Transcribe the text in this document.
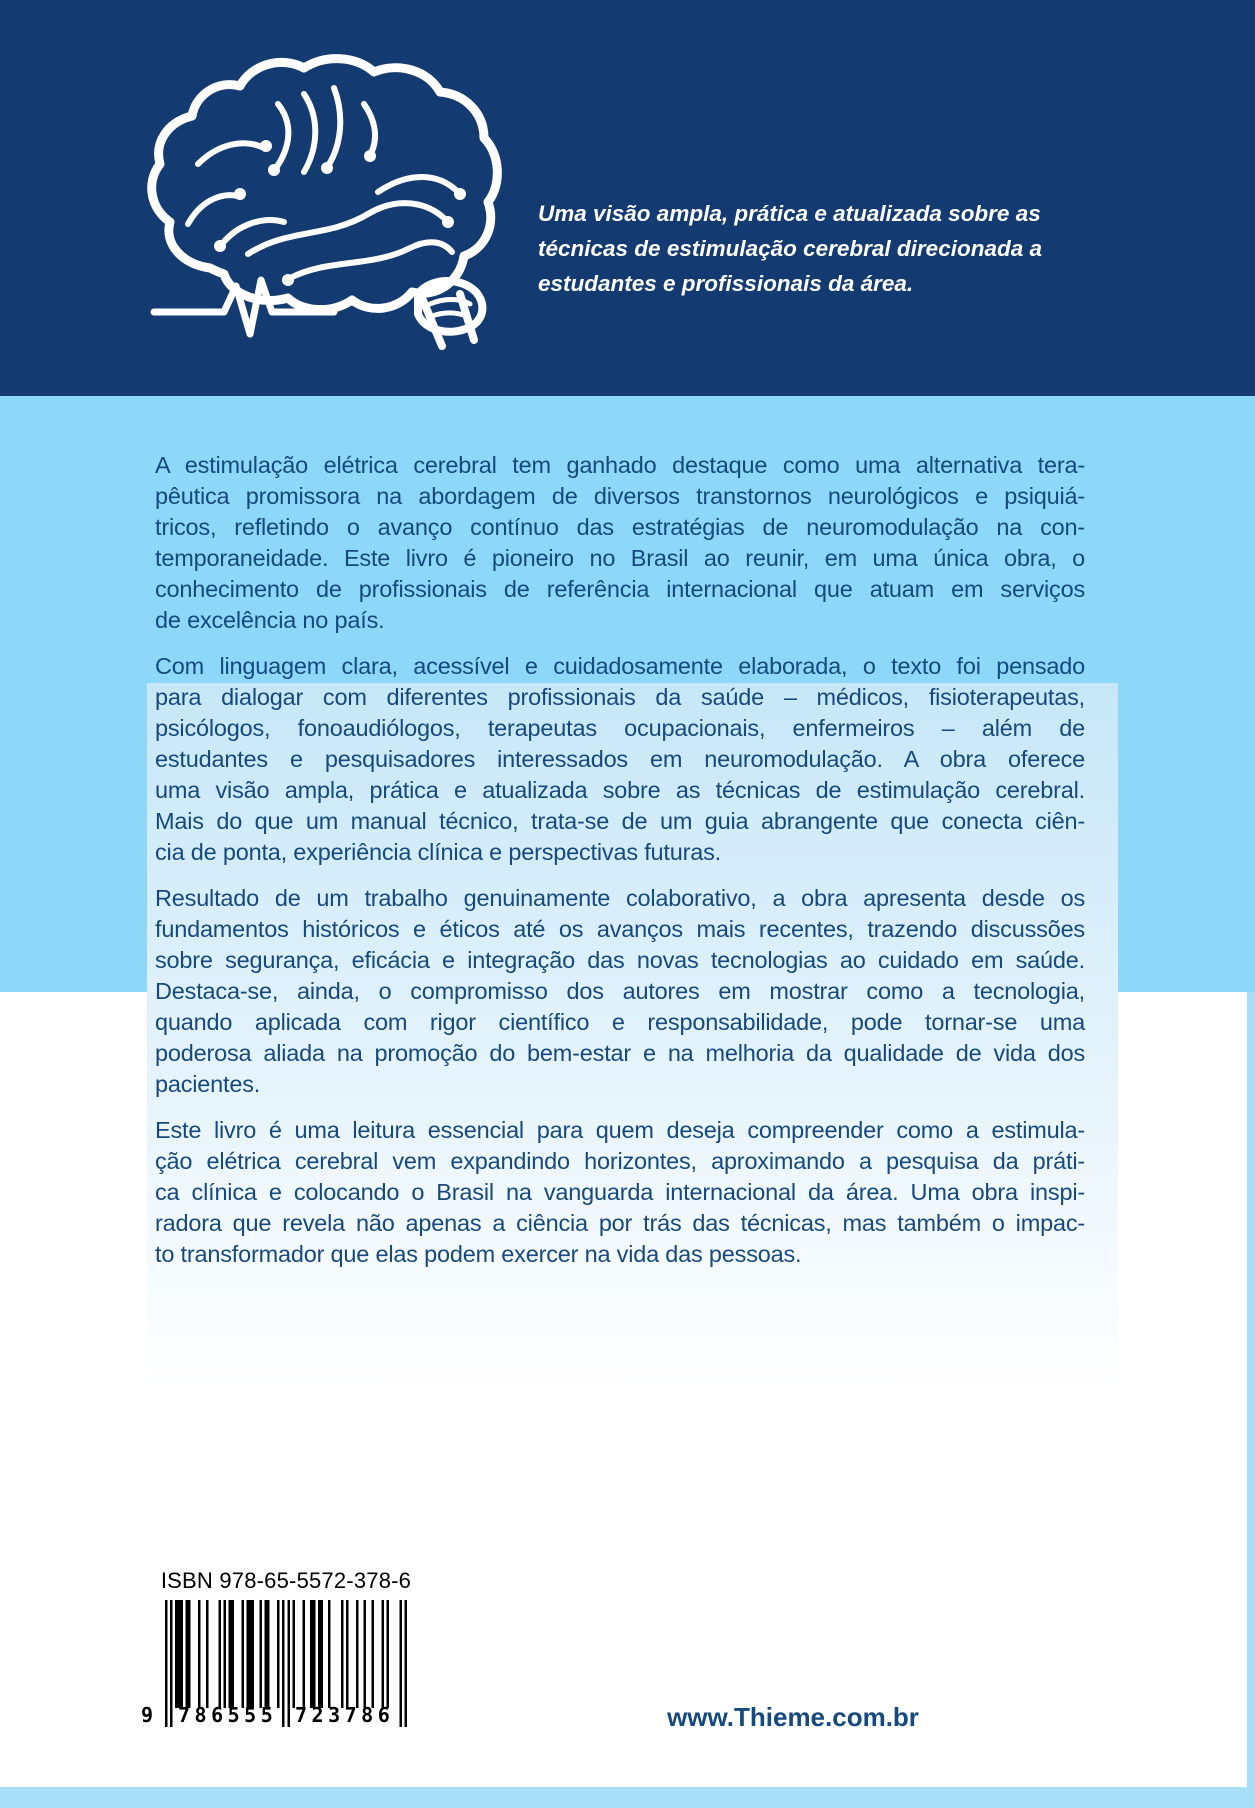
Uma visão ampla, prática e atualizada sobre as
técnicas de estimulação cerebral direcionada a
estudantes e profissionais da área.
A estimulação elétrica cerebral tem ganhado destaque como uma alternativa tera-
pêutica promissora na abordagem de diversos transtornos neurológicos e psiquiá-
tricos, refletindo o avanço contínuo das estratégias de neuromodulação na con-
temporaneidade. Este livro é pioneiro no Brasil ao reunir, em uma única obra, o
conhecimento de profissionais de referência internacional que atuam em serviços
de excelência no país.
Com linguagem clara, acessível e cuidadosamente elaborada, o texto foi pensado
para dialogar com diferentes profissionais da saúde – médicos, fisioterapeutas,
psicólogos, fonoaudiólogos, terapeutas ocupacionais, enfermeiros – além de
estudantes e pesquisadores interessados em neuromodulação. A obra oferece
uma visão ampla, prática e atualizada sobre as técnicas de estimulação cerebral.
Mais do que um manual técnico, trata-se de um guia abrangente que conecta ciên-
cia de ponta, experiência clínica e perspectivas futuras.
Resultado de um trabalho genuinamente colaborativo, a obra apresenta desde os
fundamentos históricos e éticos até os avanços mais recentes, trazendo discussões
sobre segurança, eficácia e integração das novas tecnologias ao cuidado em saúde.
Destaca-se, ainda, o compromisso dos autores em mostrar como a tecnologia,
quando aplicada com rigor científico e responsabilidade, pode tornar-se uma
poderosa aliada na promoção do bem-estar e na melhoria da qualidade de vida dos
pacientes.
Este livro é uma leitura essencial para quem deseja compreender como a estimula-
ção elétrica cerebral vem expandindo horizontes, aproximando a pesquisa da práti-
ca clínica e colocando o Brasil na vanguarda internacional da área. Uma obra inspi-
radora que revela não apenas a ciência por trás das técnicas, mas também o impac-
to transformador que elas podem exercer na vida das pessoas.
ISBN 978-65-5572-378-6
9 786555 723786	www.Thieme.com.br
